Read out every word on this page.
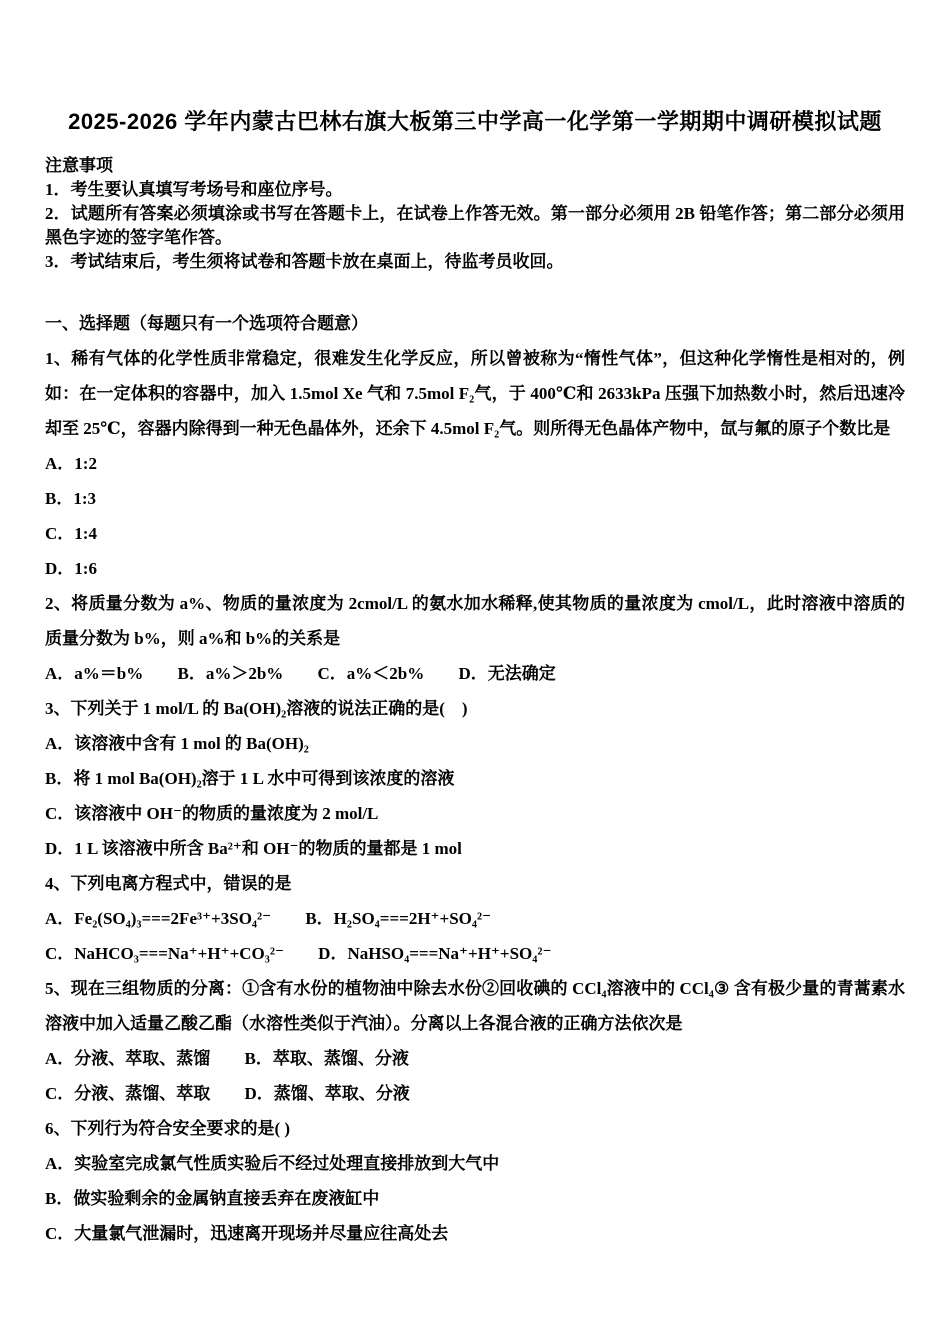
2025-2026 学年内蒙古巴林右旗大板第三中学高一化学第一学期期中调研模拟试题

注意事项

1．考生要认真填写考场号和座位序号。

2．试题所有答案必须填涂或书写在答题卡上，在试卷上作答无效。第一部分必须用 2B 铅笔作答；第二部分必须用黑色字迹的签字笔作答。

3．考试结束后，考生须将试卷和答题卡放在桌面上，待监考员收回。

一、选择题（每题只有一个选项符合题意）

1、稀有气体的化学性质非常稳定，很难发生化学反应，所以曾被称为“惰性气体”，但这种化学惰性是相对的，例如：在一定体积的容器中，加入 1.5mol Xe 气和 7.5mol F₂气，于 400℃和 2633kPa 压强下加热数小时，然后迅速冷却至 25℃，容器内除得到一种无色晶体外，还余下 4.5mol F₂气。则所得无色晶体产物中，氙与氟的原子个数比是

A．1:2

B．1:3

C．1:4

D．1:6

2、将质量分数为 a%、物质的量浓度为 2cmol/L 的氨水加水稀释,使其物质的量浓度为 cmol/L，此时溶液中溶质的质量分数为 b%，则 a%和 b%的关系是

A．a%＝b% B．a%＞2b% C．a%＜2b% D．无法确定

3、下列关于 1 mol/L 的 Ba(OH)₂溶液的说法正确的是(　)

A．该溶液中含有 1 mol 的 Ba(OH)₂

B．将 1 mol Ba(OH)₂溶于 1 L 水中可得到该浓度的溶液

C．该溶液中 OH⁻的物质的量浓度为 2 mol/L

D．1 L 该溶液中所含 Ba²⁺和 OH⁻的物质的量都是 1 mol

4、下列电离方程式中，错误的是

A．Fe₂(SO₄)₃===2Fe³⁺+3SO₄²⁻ B．H₂SO₄===2H⁺+SO₄²⁻

C．NaHCO₃===Na⁺+H⁺+CO₃²⁻ D．NaHSO₄===Na⁺+H⁺+SO₄²⁻

5、现在三组物质的分离：①含有水份的植物油中除去水份②回收碘的 CCl₄溶液中的 CCl₄③ 含有极少量的青蒿素水溶液中加入适量乙酸乙酯（水溶性类似于汽油）。分离以上各混合液的正确方法依次是

A．分液、萃取、蒸馏 B．萃取、蒸馏、分液

C．分液、蒸馏、萃取 D．蒸馏、萃取、分液

6、下列行为符合安全要求的是( )

A．实验室完成氯气性质实验后不经过处理直接排放到大气中

B．做实验剩余的金属钠直接丢弃在废液缸中

C．大量氯气泄漏时，迅速离开现场并尽量应往高处去
